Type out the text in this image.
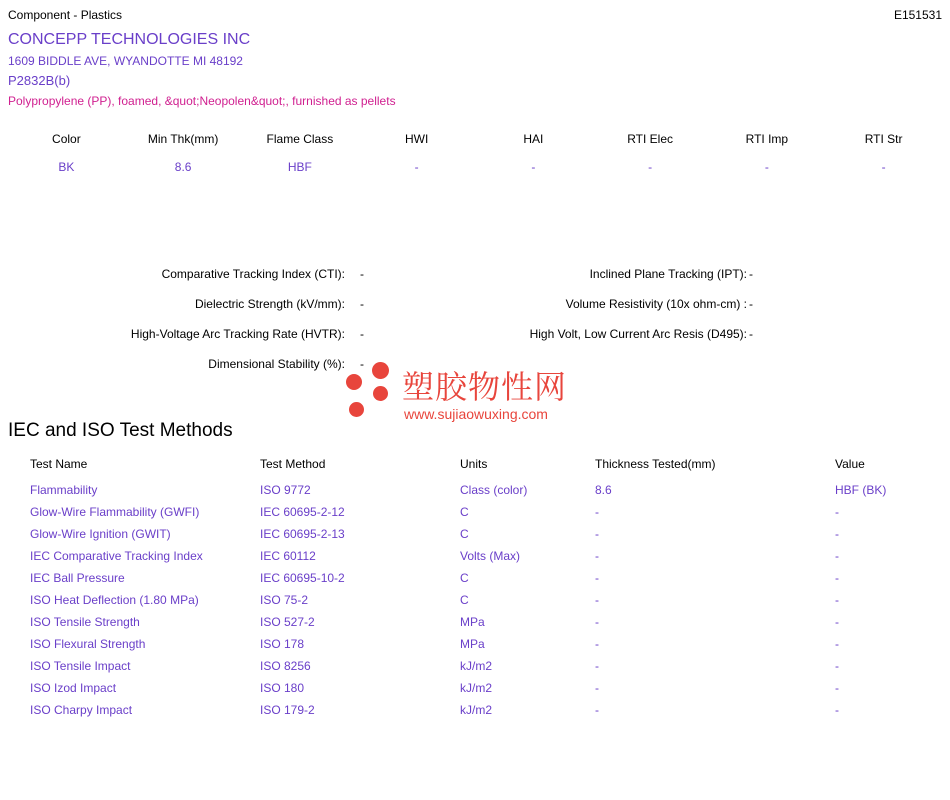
Component - Plastics	E151531
CONCEPP TECHNOLOGIES INC
1609 BIDDLE AVE, WYANDOTTE MI 48192
P2832B(b)
Polypropylene (PP), foamed, &quot;Neopolen&quot;, furnished as pellets
Color	Min Thk(mm)	Flame Class	HWI	HAI	RTI Elec	RTI Imp	RTI Str
BK	8.6	HBF	-	-	-	-	-
Comparative Tracking Index (CTI): -	Inclined Plane Tracking (IPT): -
Dielectric Strength (kV/mm): -	Volume Resistivity (10x ohm-cm) : -
High-Voltage Arc Tracking Rate (HVTR): -	High Volt, Low Current Arc Resis (D495): -
Dimensional Stability (%): -
塑胶物性网
www.sujiaowuxing.com
IEC and ISO Test Methods
Test Name	Test Method	Units	Thickness Tested(mm)	Value
Flammability	ISO 9772	Class (color)	8.6	HBF (BK)
Glow-Wire Flammability (GWFI)	IEC 60695-2-12	C	-	-
Glow-Wire Ignition (GWIT)	IEC 60695-2-13	C	-	-
IEC Comparative Tracking Index	IEC 60112	Volts (Max)	-	-
IEC Ball Pressure	IEC 60695-10-2	C	-	-
ISO Heat Deflection (1.80 MPa)	ISO 75-2	C	-	-
ISO Tensile Strength	ISO 527-2	MPa	-	-
ISO Flexural Strength	ISO 178	MPa	-	-
ISO Tensile Impact	ISO 8256	kJ/m2	-	-
ISO Izod Impact	ISO 180	kJ/m2	-	-
ISO Charpy Impact	ISO 179-2	kJ/m2	-	-
